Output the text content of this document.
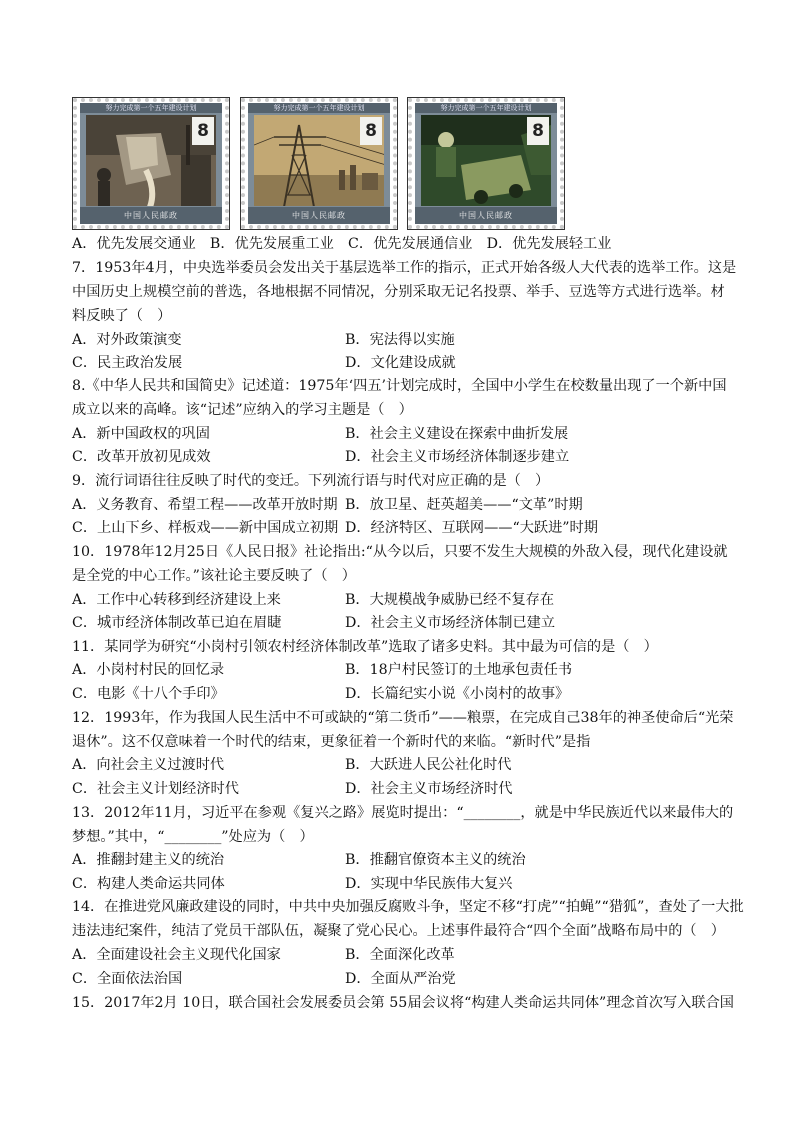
努力完成第一个五年建设计划
8
中国人民邮政
努力完成第一个五年建设计划
8
中国人民邮政
努力完成第一个五年建设计划
8
中国人民邮政
A．优先发展交通业　B．优先发展重工业　C．优先发展通信业　D．优先发展轻工业
7．1953年4月，中央选举委员会发出关于基层选举工作的指示，正式开始各级人大代表的选举工作。这是
中国历史上规模空前的普选，各地根据不同情况，分别采取无记名投票、举手、豆选等方式进行选举。材
料反映了（　）
A．对外政策演变	B．宪法得以实施
C．民主政治发展	D．文化建设成就
8.《中华人民共和国简史》记述道：1975年‘四五’计划完成时，全国中小学生在校数量出现了一个新中国
成立以来的高峰。该“记述”应纳入的学习主题是（　）
A．新中国政权的巩固	B．社会主义建设在探索中曲折发展
C．改革开放初见成效	D．社会主义市场经济体制逐步建立
9．流行词语往往反映了时代的变迁。下列流行语与时代对应正确的是（　）
A．义务教育、希望工程——改革开放时期 B．放卫星、赶英超美——“文革”时期
C．上山下乡、样板戏——新中国成立初期 D．经济特区、互联网——“大跃进”时期
10．1978年12月25日《人民日报》社论指出:“从今以后，只要不发生大规模的外敌入侵，现代化建设就
是全党的中心工作。”该社论主要反映了（　）
A．工作中心转移到经济建设上来	B．大规模战争威胁已经不复存在
C．城市经济体制改革已迫在眉睫	D．社会主义市场经济体制已建立
11．某同学为研究“小岗村引领农村经济体制改革”选取了诸多史料。其中最为可信的是（　）
A．小岗村村民的回忆录	B．18户村民签订的土地承包责任书
C．电影《十八个手印》	D．长篇纪实小说《小岗村的故事》
12．1993年，作为我国人民生活中不可或缺的“第二货币”——粮票，在完成自己38年的神圣使命后“光荣
退休”。这不仅意味着一个时代的结束，更象征着一个新时代的来临。“新时代”是指
A．向社会主义过渡时代	B．大跃进人民公社化时代
C．社会主义计划经济时代	D．社会主义市场经济时代
13．2012年11月，习近平在参观《复兴之路》展览时提出：“________，就是中华民族近代以来最伟大的
梦想。”其中，“________”处应为（　）
A．推翻封建主义的统治	B．推翻官僚资本主义的统治
C．构建人类命运共同体	D．实现中华民族伟大复兴
14．在推进党风廉政建设的同时，中共中央加强反腐败斗争，坚定不移“打虎”“拍蝇”“猎狐”，查处了一大批
违法违纪案件，纯洁了党员干部队伍，凝聚了党心民心。上述事件最符合“四个全面”战略布局中的（　）
A．全面建设社会主义现代化国家	B．全面深化改革
C．全面依法治国	D．全面从严治党
15．2017年2月 10日，联合国社会发展委员会第 55届会议将“构建人类命运共同体”理念首次写入联合国
